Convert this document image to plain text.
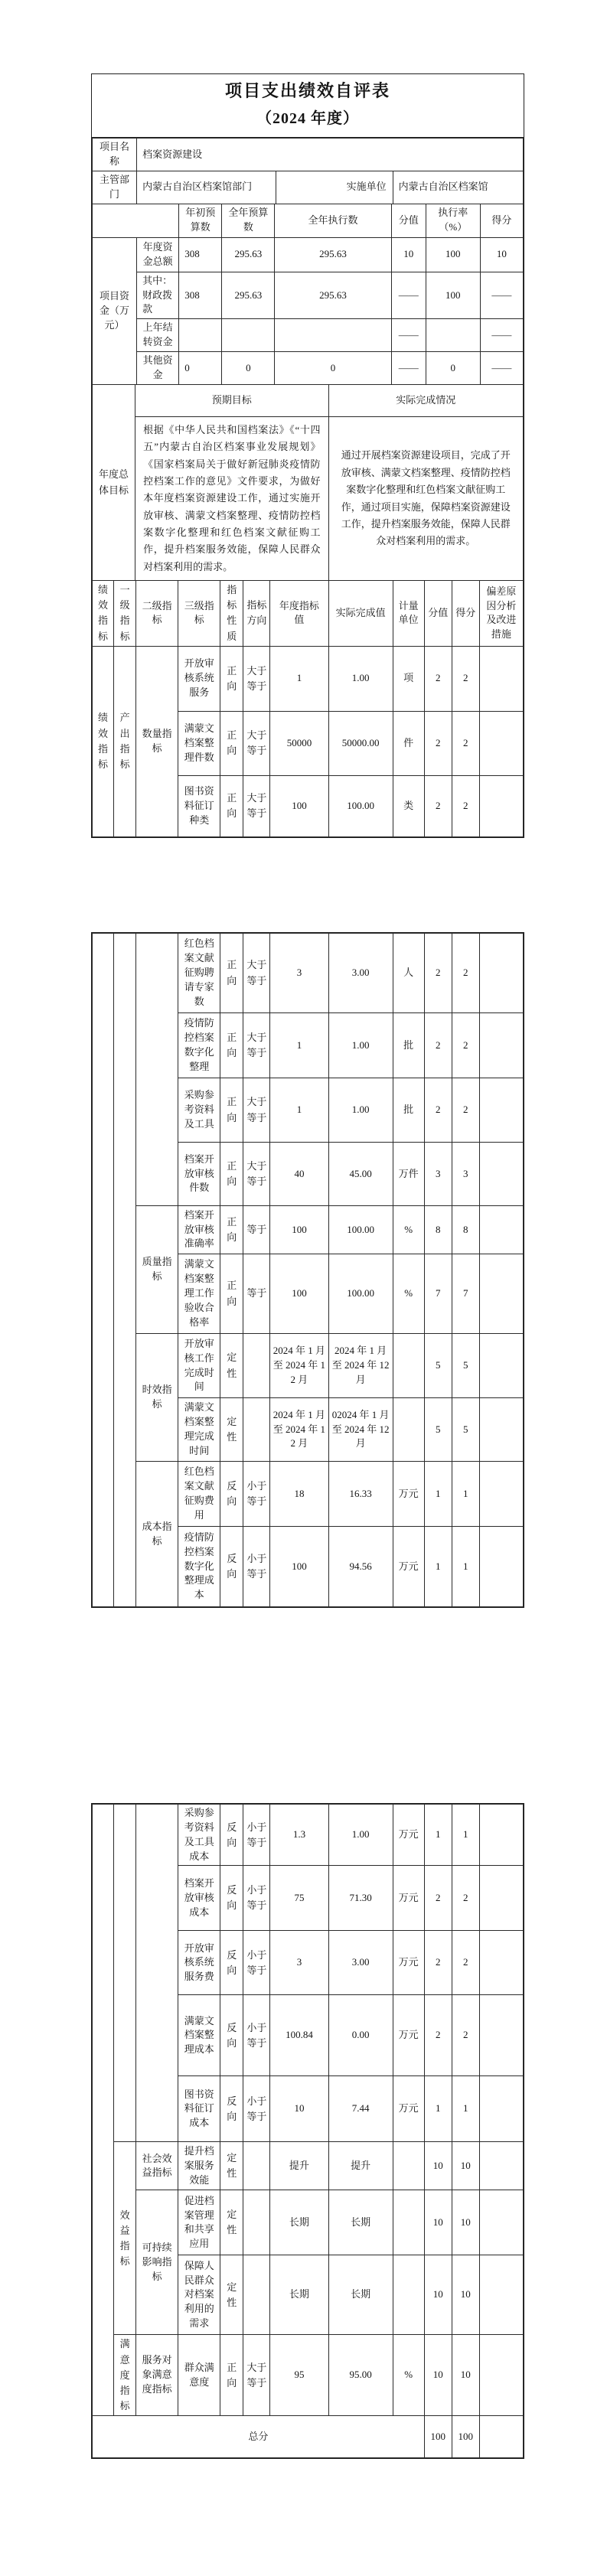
项目支出绩效自评表
（2024 年度）
项目名称	档案资源建设
主管部门	内蒙古自治区档案馆部门	实施单位	内蒙古自治区档案馆
		年初预算数	全年预算数	全年执行数	分值	执行率（%）	得分
项目资金（万元）	年度资金总额	308	295.63	295.63	10	100	10
	其中：财政拨款	308	295.63	295.63	——	100	——
	上年结转资金				——		——
	其他资金	0	0	0	——	0	——
年度总体目标	预期目标	实际完成情况
	根据《中华人民共和国档案法》《“十四五”内蒙古自治区档案事业发展规划》《国家档案局关于做好新冠肺炎疫情防控档案工作的意见》文件要求，为做好本年度档案资源建设工作，通过实施开放审核、满蒙文档案整理、疫情防控档案数字化整理和红色档案文献征购工作，提升档案服务效能，保障人民群众对档案利用的需求。	通过开展档案资源建设项目，完成了开放审核、满蒙文档案整理、疫情防控档案数字化整理和红色档案文献征购工作，通过项目实施，保障档案资源建设工作，提升档案服务效能，保障人民群众对档案利用的需求。
绩效指标	一级指标	二级指标	三级指标	指标性质	指标方向	年度指标值	实际完成值	计量单位	分值	得分	偏差原因分析及改进措施
绩效指标	产出指标	数量指标	开放审核系统服务	正向	大于等于	1	1.00	项	2	2	
			满蒙文档案整理件数	正向	大于等于	50000	50000.00	件	2	2	
			图书资料征订种类	正向	大于等于	100	100.00	类	2	2	
			红色档案文献征购聘请专家数	正向	大于等于	3	3.00	人	2	2	
			疫情防控档案数字化整理	正向	大于等于	1	1.00	批	2	2	
			采购参考资料及工具	正向	大于等于	1	1.00	批	2	2	
			档案开放审核件数	正向	大于等于	40	45.00	万件	3	3	
		质量指标	档案开放审核准确率	正向	等于	100	100.00	%	8	8	
			满蒙文档案整理工作验收合格率	正向	等于	100	100.00	%	7	7	
		时效指标	开放审核工作完成时间	定性		2024 年 1 月至 2024 年 12 月	2024 年 1 月至 2024 年 12 月		5	5	
			满蒙文档案整理完成时间	定性		2024 年 1 月至 2024 年 12 月	02024 年 1 月至 2024 年 12 月		5	5	
		成本指标	红色档案文献征购费用	反向	小于等于	18	16.33	万元	1	1	
			疫情防控档案数字化整理成本	反向	小于等于	100	94.56	万元	1	1	
			采购参考资料及工具成本	反向	小于等于	1.3	1.00	万元	1	1	
			档案开放审核成本	反向	小于等于	75	71.30	万元	2	2	
			开放审核系统服务费	反向	小于等于	3	3.00	万元	2	2	
			满蒙文档案整理成本	反向	小于等于	100.84	0.00	万元	2	2	
			图书资料征订成本	反向	小于等于	10	7.44	万元	1	1	
	效益指标	社会效益指标	提升档案服务效能	定性		提升	提升		10	10	
		可持续影响指标	促进档案管理和共享应用	定性		长期	长期		10	10	
			保障人民群众对档案利用的需求	定性		长期	长期		10	10	
	满意度指标	服务对象满意度指标	群众满意度	正向	大于等于	95	95.00	%	10	10	
总分									100	100	
